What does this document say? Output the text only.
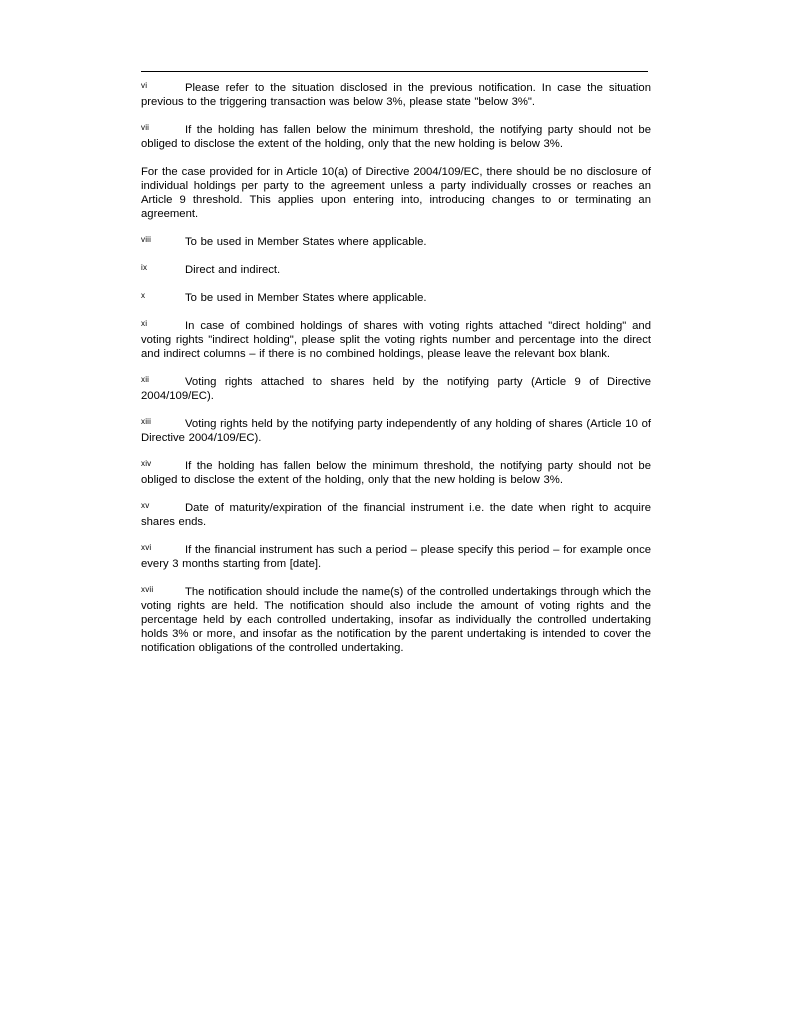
vi	Please refer to the situation disclosed in the previous notification. In case the situation previous to the triggering transaction was below 3%, please state "below 3%".

vii	If the holding has fallen below the minimum threshold, the notifying party should not be obliged to disclose the extent of the holding, only that the new holding is below 3%.

For the case provided for in Article 10(a) of Directive 2004/109/EC, there should be no disclosure of individual holdings per party to the agreement unless a party individually crosses or reaches an Article 9 threshold. This applies upon entering into, introducing changes to or terminating an agreement.

viii	To be used in Member States where applicable.

ix	Direct and indirect.

x	To be used in Member States where applicable.

xi	In case of combined holdings of shares with voting rights attached "direct holding" and voting rights "indirect holding", please split the voting rights number and percentage into the direct and indirect columns – if there is no combined holdings, please leave the relevant box blank.

xii	Voting rights attached to shares held by the notifying party (Article 9 of Directive 2004/109/EC).

xiii	Voting rights held by the notifying party independently of any holding of shares (Article 10 of Directive 2004/109/EC).

xiv	If the holding has fallen below the minimum threshold, the notifying party should not be obliged to disclose the extent of the holding, only that the new holding is below 3%.

xv	Date of maturity/expiration of the financial instrument i.e. the date when right to acquire shares ends.

xvi	If the financial instrument has such a period – please specify this period – for example once every 3 months starting from [date].

xvii	The notification should include the name(s) of the controlled undertakings through which the voting rights are held. The notification should also include the amount of voting rights and the percentage held by each controlled undertaking, insofar as individually the controlled undertaking holds 3% or more, and insofar as the notification by the parent undertaking is intended to cover the notification obligations of the controlled undertaking.
